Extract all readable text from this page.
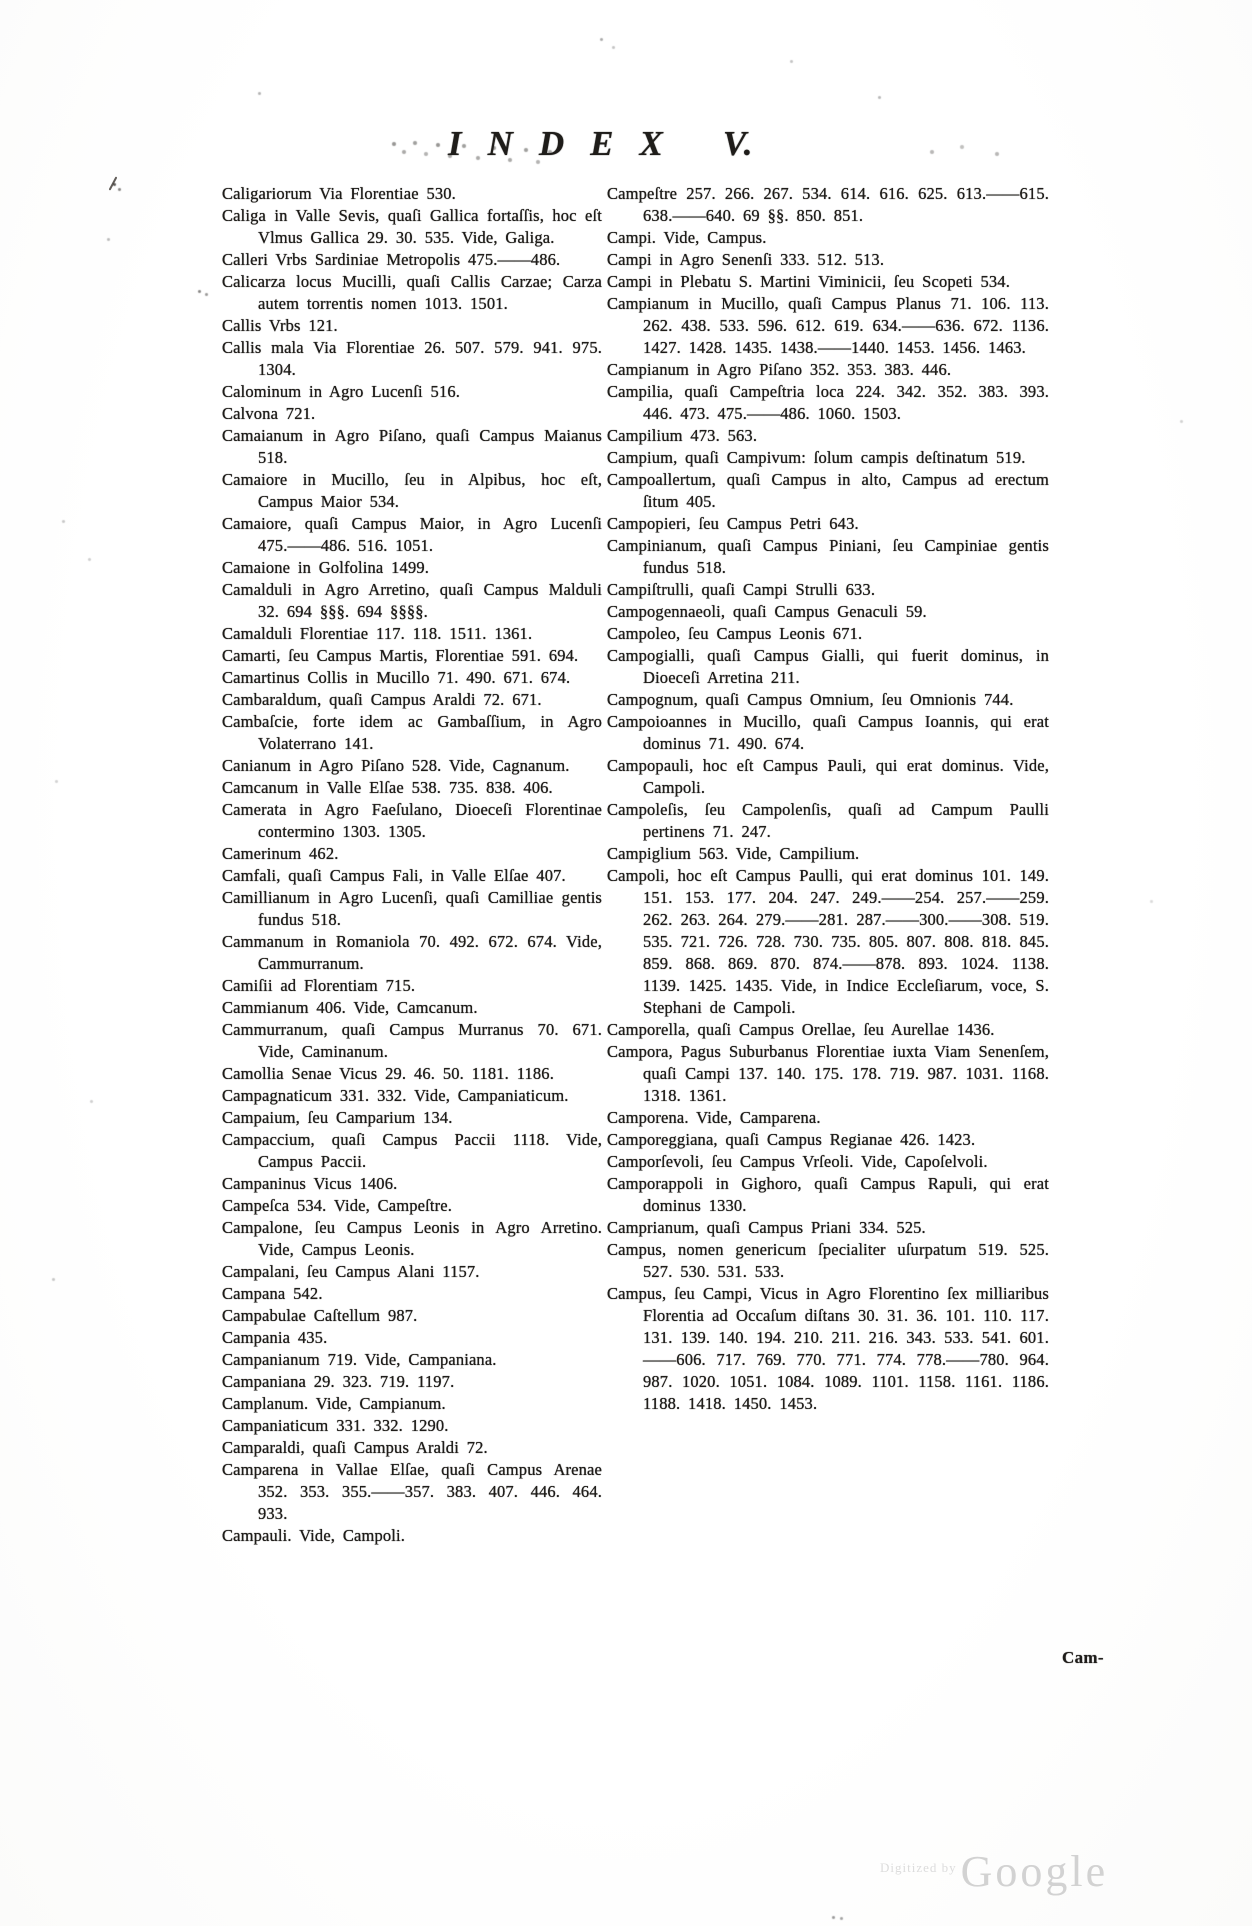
INDEX V.

Caligariorum Via Florentiae 530.

Caliga in Valle Sevis, quaſi Gallica fortaſſis, hoc eſt Vlmus Gallica 29. 30. 535. Vide, Galiga.

Calleri Vrbs Sardiniae Metropolis 475.——486.

Calicarza locus Mucilli, quaſi Callis Carzae; Carza autem torrentis nomen 1013. 1501.

Callis Vrbs 121.

Callis mala Via Florentiae 26. 507. 579. 941. 975. 1304.

Calominum in Agro Lucenſi 516.

Calvona 721.

Camaianum in Agro Piſano, quaſi Campus Maianus 518.

Camaiore in Mucillo, ſeu in Alpibus, hoc eſt, Campus Maior 534.

Camaiore, quaſi Campus Maior, in Agro Lucenſi 475.——486. 516. 1051.

Camaione in Golfolina 1499.

Camalduli in Agro Arretino, quaſi Campus Malduli 32. 694 §§§. 694 §§§§.

Camalduli Florentiae 117. 118. 1511. 1361.

Camarti, ſeu Campus Martis, Florentiae 591. 694.

Camartinus Collis in Mucillo 71. 490. 671. 674.

Cambaraldum, quaſi Campus Araldi 72. 671.

Cambaſcie, forte idem ac Gambaſſium, in Agro Volaterrano 141.

Canianum in Agro Piſano 528. Vide, Cagnanum.

Camcanum in Valle Elſae 538. 735. 838. 406.

Camerata in Agro Faeſulano, Dioeceſi Florentinae contermino 1303. 1305.

Camerinum 462.

Camfali, quaſi Campus Fali, in Valle Elſae 407.

Camillianum in Agro Lucenſi, quaſi Camilliae gentis fundus 518.

Cammanum in Romaniola 70. 492. 672. 674. Vide, Cammurranum.

Camiſii ad Florentiam 715.

Cammianum 406. Vide, Camcanum.

Cammurranum, quaſi Campus Murranus 70. 671. Vide, Caminanum.

Camollia Senae Vicus 29. 46. 50. 1181. 1186.

Campagnaticum 331. 332. Vide, Campaniaticum.

Campaium, ſeu Camparium 134.

Campaccium, quaſi Campus Paccii 1118. Vide, Campus Paccii.

Campaninus Vicus 1406.

Campeſca 534. Vide, Campeſtre.

Campalone, ſeu Campus Leonis in Agro Arretino. Vide, Campus Leonis.

Campalani, ſeu Campus Alani 1157.

Campana 542.

Campabulae Caſtellum 987.

Campania 435.

Campanianum 719. Vide, Campaniana.

Campaniana 29. 323. 719. 1197.

Camplanum. Vide, Campianum.

Campaniaticum 331. 332. 1290.

Camparaldi, quaſi Campus Araldi 72.

Camparena in Vallae Elſae, quaſi Campus Arenae 352. 353. 355.——357. 383. 407. 446. 464. 933.

Campauli. Vide, Campoli.

Campeſtre 257. 266. 267. 534. 614. 616. 625. 613.——615. 638.——640. 69 §§. 850. 851.

Campi. Vide, Campus.

Campi in Agro Senenſi 333. 512. 513.

Campi in Plebatu S. Martini Viminicii, ſeu Scopeti 534.

Campianum in Mucillo, quaſi Campus Planus 71. 106. 113. 262. 438. 533. 596. 612. 619. 634.——636. 672. 1136. 1427. 1428. 1435. 1438.——1440. 1453. 1456. 1463.

Campianum in Agro Piſano 352. 353. 383. 446.

Campilia, quaſi Campeſtria loca 224. 342. 352. 383. 393. 446. 473. 475.——486. 1060. 1503.

Campilium 473. 563.

Campium, quaſi Campivum: ſolum campis deſtinatum 519.

Campoallertum, quaſi Campus in alto, Campus ad erectum ſitum 405.

Campopieri, ſeu Campus Petri 643.

Campinianum, quaſi Campus Piniani, ſeu Campiniae gentis fundus 518.

Campiſtrulli, quaſi Campi Strulli 633.

Campogennaeoli, quaſi Campus Genaculi 59.

Campoleo, ſeu Campus Leonis 671.

Campogialli, quaſi Campus Gialli, qui fuerit dominus, in Dioeceſi Arretina 211.

Campognum, quaſi Campus Omnium, ſeu Omnionis 744.

Campoioannes in Mucillo, quaſi Campus Ioannis, qui erat dominus 71. 490. 674.

Campopauli, hoc eſt Campus Pauli, qui erat dominus. Vide, Campoli.

Campoleſis, ſeu Campolenſis, quaſi ad Campum Paulli pertinens 71. 247.

Campiglium 563. Vide, Campilium.

Campoli, hoc eſt Campus Paulli, qui erat dominus 101. 149. 151. 153. 177. 204. 247. 249.——254. 257.——259. 262. 263. 264. 279.——281. 287.——300.——308. 519. 535. 721. 726. 728. 730. 735. 805. 807. 808. 818. 845. 859. 868. 869. 870. 874.——878. 893. 1024. 1138. 1139. 1425. 1435. Vide, in Indice Eccleſiarum, voce, S. Stephani de Campoli.

Camporella, quaſi Campus Orellae, ſeu Aurellae 1436.

Campora, Pagus Suburbanus Florentiae iuxta Viam Senenſem, quaſi Campi 137. 140. 175. 178. 719. 987. 1031. 1168. 1318. 1361.

Camporena. Vide, Camparena.

Camporeggiana, quaſi Campus Regianae 426. 1423.

Camporſevoli, ſeu Campus Vrſeoli. Vide, Capoſelvoli.

Camporappoli in Gighoro, quaſi Campus Rapuli, qui erat dominus 1330.

Camprianum, quaſi Campus Priani 334. 525.

Campus, nomen genericum ſpecialiter uſurpatum 519. 525. 527. 530. 531. 533.

Campus, ſeu Campi, Vicus in Agro Florentino ſex milliaribus Florentia ad Occaſum diſtans 30. 31. 36. 101. 110. 117. 131. 139. 140. 194. 210. 211. 216. 343. 533. 541. 601.——606. 717. 769. 770. 771. 774. 778.——780. 964. 987. 1020. 1051. 1084. 1089. 1101. 1158. 1161. 1186. 1188. 1418. 1450. 1453.

Cam-
$^{Digitized by}$ Google
